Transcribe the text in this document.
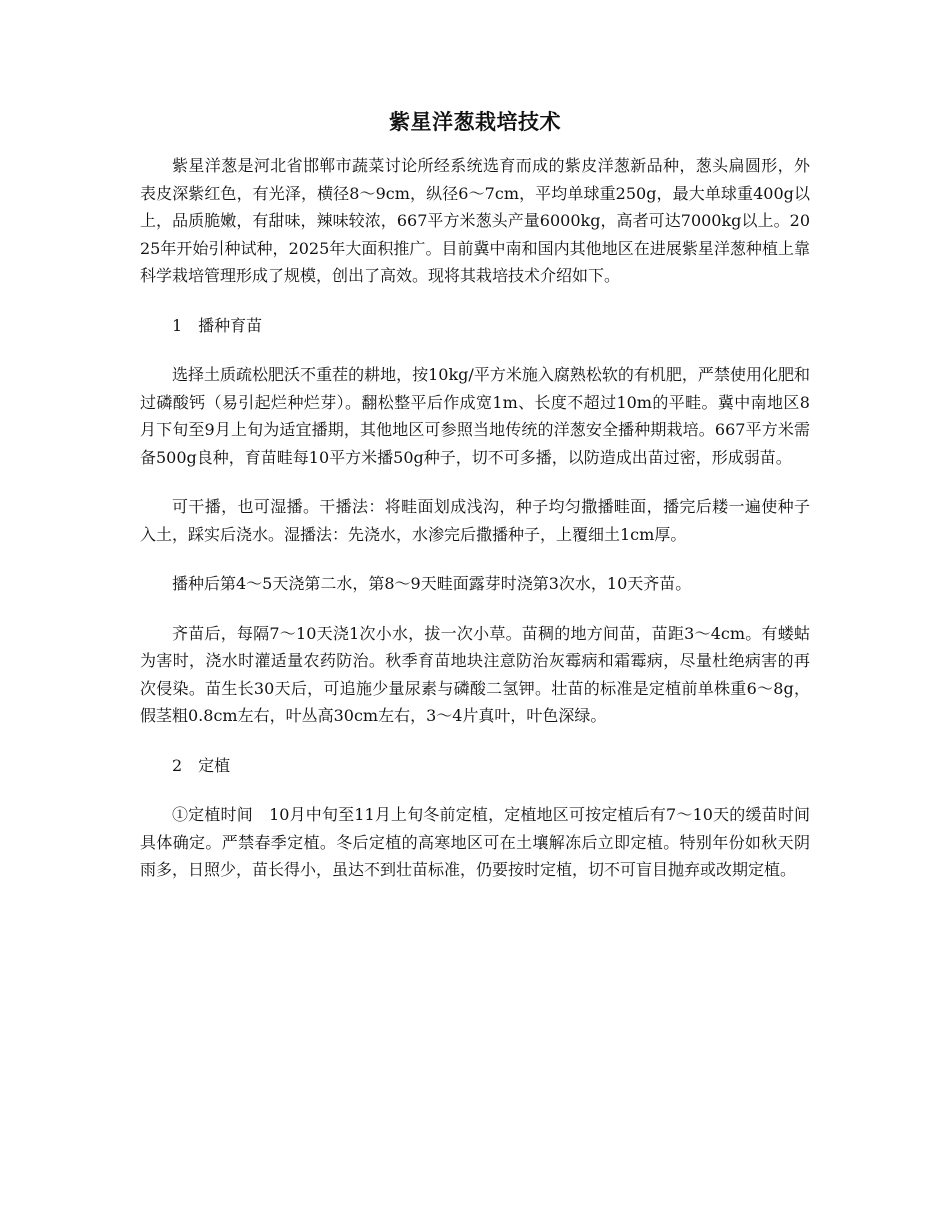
紫星洋葱栽培技术

紫星洋葱是河北省邯郸市蔬菜讨论所经系统选育而成的紫皮洋葱新品种，葱头扁圆形，外表皮深紫红色，有光泽，横径8～9cm，纵径6～7cm，平均单球重250g，最大单球重400g以上，品质脆嫩，有甜味，辣味较浓，667平方米葱头产量6000kg，高者可达7000kg以上。2025年开始引种试种，2025年大面积推广。目前冀中南和国内其他地区在进展紫星洋葱种植上靠科学栽培管理形成了规模，创出了高效。现将其栽培技术介绍如下。

1　播种育苗

选择土质疏松肥沃不重茬的耕地，按10kg/平方米施入腐熟松软的有机肥，严禁使用化肥和过磷酸钙（易引起烂种烂芽）。翻松整平后作成宽1m、长度不超过10m的平畦。冀中南地区8月下旬至9月上旬为适宜播期，其他地区可参照当地传统的洋葱安全播种期栽培。667平方米需备500g良种，育苗畦每10平方米播50g种子，切不可多播，以防造成出苗过密，形成弱苗。

可干播，也可湿播。干播法：将畦面划成浅沟，种子均匀撒播畦面，播完后耧一遍使种子入土，踩实后浇水。湿播法：先浇水，水渗完后撒播种子，上覆细土1cm厚。

播种后第4～5天浇第二水，第8～9天畦面露芽时浇第3次水，10天齐苗。

齐苗后，每隔7～10天浇1次小水，拔一次小草。苗稠的地方间苗，苗距3～4cm。有蝼蛄为害时，浇水时灌适量农药防治。秋季育苗地块注意防治灰霉病和霜霉病，尽量杜绝病害的再次侵染。苗生长30天后，可追施少量尿素与磷酸二氢钾。壮苗的标准是定植前单株重6～8g，假茎粗0.8cm左右，叶丛高30cm左右，3～4片真叶，叶色深绿。

2　定植

①定植时间　10月中旬至11月上旬冬前定植，定植地区可按定植后有7～10天的缓苗时间具体确定。严禁春季定植。冬后定植的高寒地区可在土壤解冻后立即定植。特别年份如秋天阴雨多，日照少，苗长得小，虽达不到壮苗标准，仍要按时定植，切不可盲目抛弃或改期定植。
